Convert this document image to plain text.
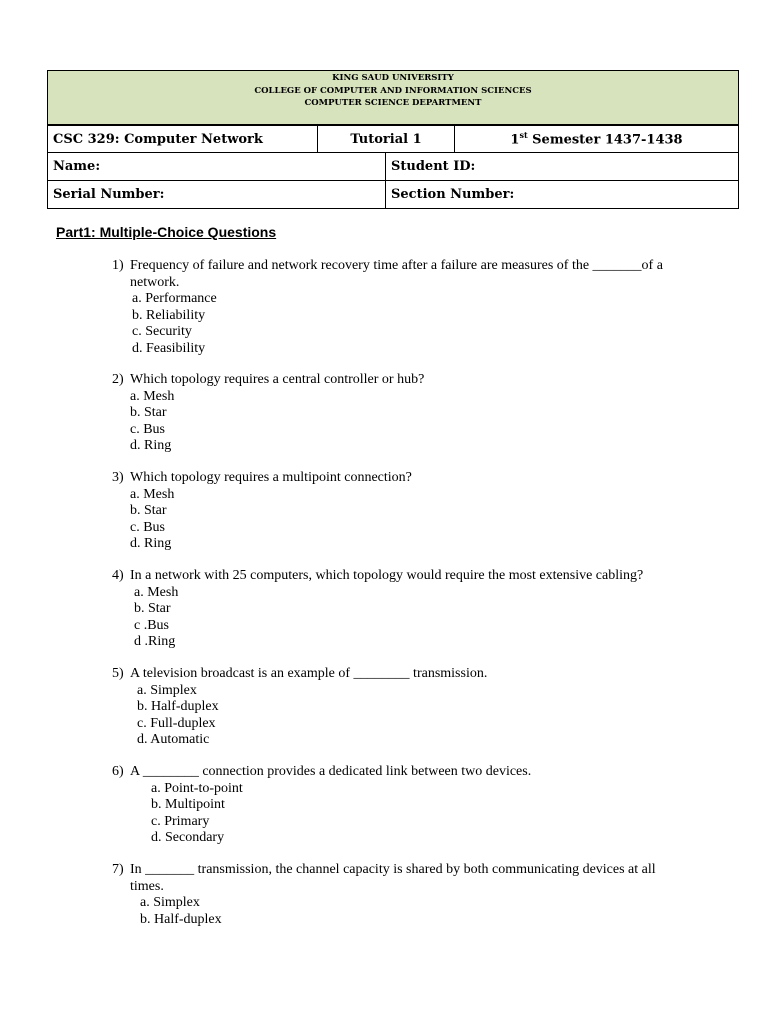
KING SAUD UNIVERSITY
COLLEGE OF COMPUTER AND INFORMATION SCIENCES
COMPUTER SCIENCE DEPARTMENT
CSC 329: Computer Network	Tutorial 1	1st Semester 1437-1438
Name:	Student ID:
Serial Number:	Section Number:
Part1: Multiple-Choice Questions
1) Frequency of failure and network recovery time after a failure are measures of the _______of a
network.
a. Performance
b. Reliability
c. Security
d. Feasibility
2) Which topology requires a central controller or hub?
a. Mesh
b. Star
c. Bus
d. Ring
3) Which topology requires a multipoint connection?
a. Mesh
b. Star
c. Bus
d. Ring
4) In a network with 25 computers, which topology would require the most extensive cabling?
a. Mesh
b. Star
c .Bus
d .Ring
5) A television broadcast is an example of ________ transmission.
a. Simplex
b. Half-duplex
c. Full-duplex
d. Automatic
6) A ________ connection provides a dedicated link between two devices.
a. Point-to-point
b. Multipoint
c. Primary
d. Secondary
7) In _______ transmission, the channel capacity is shared by both communicating devices at all
times.
a. Simplex
b. Half-duplex
